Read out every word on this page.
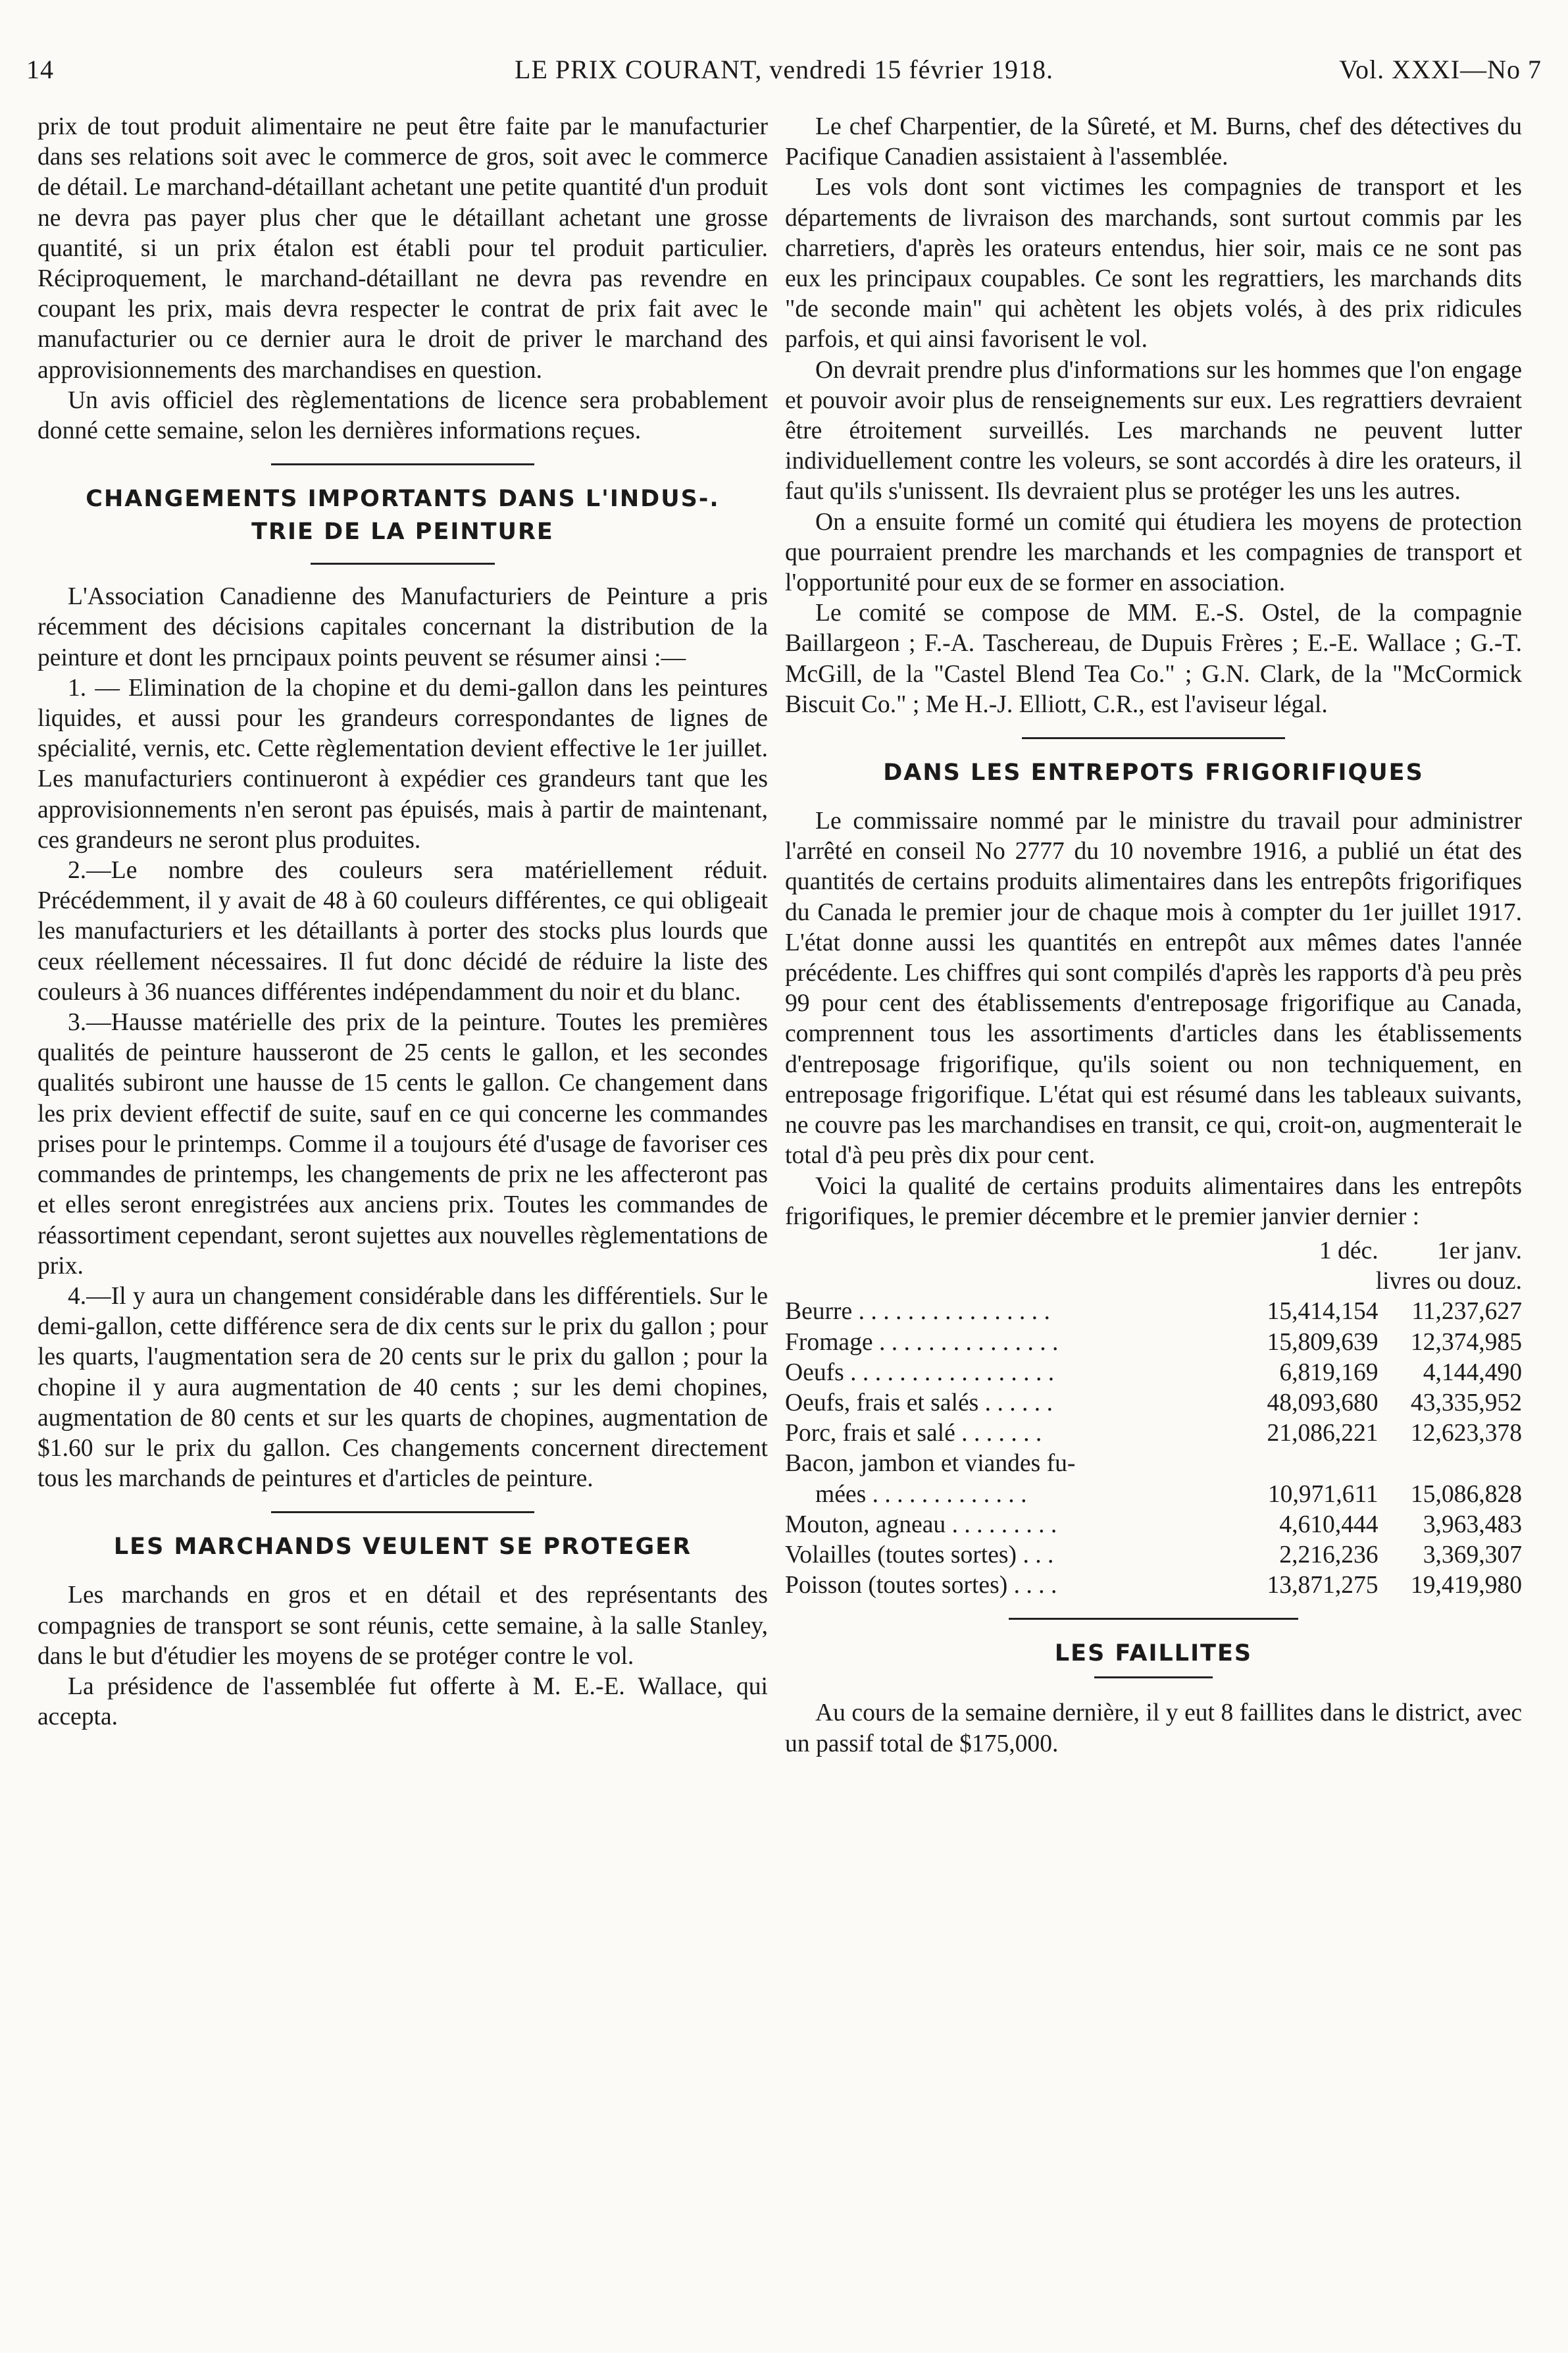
14	LE PRIX COURANT, vendredi 15 février 1918.	Vol. XXXI—No 7

prix de tout produit alimentaire ne peut être faite par le manufacturier dans ses relations soit avec le commerce de gros, soit avec le commerce de détail. Le marchand-détaillant achetant une petite quantité d'un produit ne devra pas payer plus cher que le détaillant achetant une grosse quantité, si un prix étalon est établi pour tel produit particulier. Réciproquement, le marchand-détaillant ne devra pas revendre en coupant les prix, mais devra respecter le contrat de prix fait avec le manufacturier ou ce dernier aura le droit de priver le marchand des approvisionnements des marchandises en question.

Un avis officiel des règlementations de licence sera probablement donné cette semaine, selon les dernières informations reçues.

CHANGEMENTS IMPORTANTS DANS L'INDUS-.
TRIE DE LA PEINTURE

L'Association Canadienne des Manufacturiers de Peinture a pris récemment des décisions capitales concernant la distribution de la peinture et dont les prncipaux points peuvent se résumer ainsi :—

1. — Elimination de la chopine et du demi-gallon dans les peintures liquides, et aussi pour les grandeurs correspondantes de lignes de spécialité, vernis, etc. Cette règlementation devient effective le 1er juillet. Les manufacturiers continueront à expédier ces grandeurs tant que les approvisionnements n'en seront pas épuisés, mais à partir de maintenant, ces grandeurs ne seront plus produites.

2.—Le nombre des couleurs sera matériellement réduit. Précédemment, il y avait de 48 à 60 couleurs différentes, ce qui obligeait les manufacturiers et les détaillants à porter des stocks plus lourds que ceux réellement nécessaires. Il fut donc décidé de réduire la liste des couleurs à 36 nuances différentes indépendamment du noir et du blanc.

3.—Hausse matérielle des prix de la peinture. Toutes les premières qualités de peinture hausseront de 25 cents le gallon, et les secondes qualités subiront une hausse de 15 cents le gallon. Ce changement dans les prix devient effectif de suite, sauf en ce qui concerne les commandes prises pour le printemps. Comme il a toujours été d'usage de favoriser ces commandes de printemps, les changements de prix ne les affecteront pas et elles seront enregistrées aux anciens prix. Toutes les commandes de réassortiment cependant, seront sujettes aux nouvelles règlementations de prix.

4.—Il y aura un changement considérable dans les différentiels. Sur le demi-gallon, cette différence sera de dix cents sur le prix du gallon ; pour les quarts, l'augmentation sera de 20 cents sur le prix du gallon ; pour la chopine il y aura augmentation de 40 cents ; sur les demi chopines, augmentation de 80 cents et sur les quarts de chopines, augmentation de $1.60 sur le prix du gallon. Ces changements concernent directement tous les marchands de peintures et d'articles de peinture.

LES MARCHANDS VEULENT SE PROTEGER

Les marchands en gros et en détail et des représentants des compagnies de transport se sont réunis, cette semaine, à la salle Stanley, dans le but d'étudier les moyens de se protéger contre le vol.

La présidence de l'assemblée fut offerte à M. E.-E. Wallace, qui accepta.

Le chef Charpentier, de la Sûreté, et M. Burns, chef des détectives du Pacifique Canadien assistaient à l'assemblée.

Les vols dont sont victimes les compagnies de transport et les départements de livraison des marchands, sont surtout commis par les charretiers, d'après les orateurs entendus, hier soir, mais ce ne sont pas eux les principaux coupables. Ce sont les regrattiers, les marchands dits "de seconde main" qui achètent les objets volés, à des prix ridicules parfois, et qui ainsi favorisent le vol.

On devrait prendre plus d'informations sur les hommes que l'on engage et pouvoir avoir plus de renseignements sur eux. Les regrattiers devraient être étroitement surveillés. Les marchands ne peuvent lutter individuellement contre les voleurs, se sont accordés à dire les orateurs, il faut qu'ils s'unissent. Ils devraient plus se protéger les uns les autres.

On a ensuite formé un comité qui étudiera les moyens de protection que pourraient prendre les marchands et les compagnies de transport et l'opportunité pour eux de se former en association.

Le comité se compose de MM. E.-S. Ostel, de la compagnie Baillargeon ; F.-A. Taschereau, de Dupuis Frères ; E.-E. Wallace ; G.-T. McGill, de la "Castel Blend Tea Co." ; G.N. Clark, de la "McCormick Biscuit Co." ; Me H.-J. Elliott, C.R., est l'aviseur légal.

DANS LES ENTREPOTS FRIGORIFIQUES

Le commissaire nommé par le ministre du travail pour administrer l'arrêté en conseil No 2777 du 10 novembre 1916, a publié un état des quantités de certains produits alimentaires dans les entrepôts frigorifiques du Canada le premier jour de chaque mois à compter du 1er juillet 1917. L'état donne aussi les quantités en entrepôt aux mêmes dates l'année précédente. Les chiffres qui sont compilés d'après les rapports d'à peu près 99 pour cent des établissements d'entreposage frigorifique au Canada, comprennent tous les assortiments d'articles dans les établissements d'entreposage frigorifique, qu'ils soient ou non techniquement, en entreposage frigorifique. L'état qui est résumé dans les tableaux suivants, ne couvre pas les marchandises en transit, ce qui, croit-on, augmenterait le total d'à peu près dix pour cent.

Voici la qualité de certains produits alimentaires dans les entrepôts frigorifiques, le premier décembre et le premier janvier dernier :

	1 déc.	1er janv.
	livres ou douz.	
Beurre . . . . . . . . . . . . . . . .	15,414,154	11,237,627
Fromage . . . . . . . . . . . . . . .	15,809,639	12,374,985
Oeufs . . . . . . . . . . . . . . . . .	6,819,169	4,144,490
Oeufs, frais et salés . . . . . .	48,093,680	43,335,952
Porc, frais et salé . . . . . . .	21,086,221	12,623,378
Bacon, jambon et viandes fu-		
mées . . . . . . . . . . . . .	10,971,611	15,086,828
Mouton, agneau . . . . . . . . .	4,610,444	3,963,483
Volailles (toutes sortes) . . .	2,216,236	3,369,307
Poisson (toutes sortes) . . . .	13,871,275	19,419,980
LES FAILLITES

Au cours de la semaine dernière, il y eut 8 faillites dans le district, avec un passif total de $175,000.
